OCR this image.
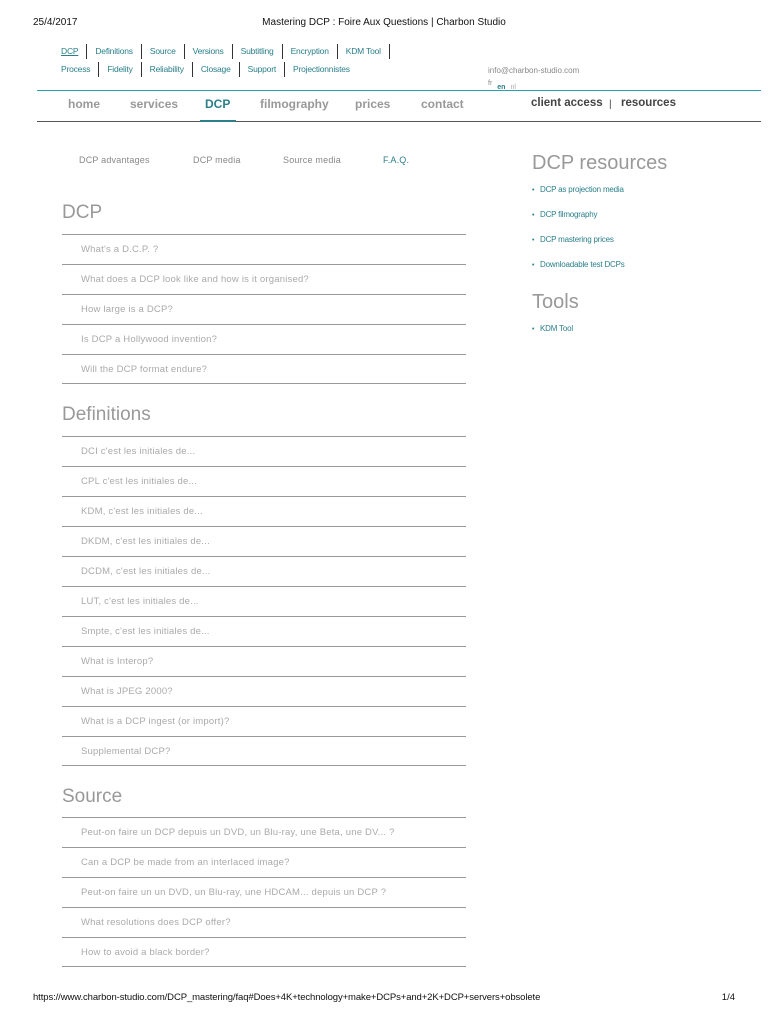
25/4/2017	Mastering DCP : Foire Aux Questions | Charbon Studio
DCP	Definitions	Source	Versions	Subtitling	Encryption	KDM Tool
Process	Fidelity	Reliability	Closage	Support	Projectionnistes	info@charbon-studio.com
fr
en nl
home services DCP filmography prices	contact	client access | resources
DCP advantages	DCP media	Source media	F.A.Q.
DCP
What's a D.C.P. ?
What does a DCP look like and how is it organised?
How large is a DCP?
Is DCP a Hollywood invention?
Will the DCP format endure?
Definitions
DCI c'est les initiales de...
CPL c'est les initiales de...
KDM, c'est les initiales de...
DKDM, c'est les initiales de...
DCDM, c'est les initiales de...
LUT, c'est les initiales de...
Smpte, c'est les initiales de...
What is Interop?
What is JPEG 2000?
What is a DCP ingest (or import)?
Supplemental DCP?
Source
Peut-on faire un DCP depuis un DVD, un Blu-ray, une Beta, une DV... ?
Can a DCP be made from an interlaced image?
Peut-on faire un un DVD, un Blu-ray, une HDCAM... depuis un DCP ?
What resolutions does DCP offer?
How to avoid a black border?
DCP resources
• DCP as projection media
• DCP filmography
• DCP mastering prices
• Downloadable test DCPs
Tools
• KDM Tool
https://www.charbon-studio.com/DCP_mastering/faq#Does+4K+technology+make+DCPs+and+2K+DCP+servers+obsolete	1/4
